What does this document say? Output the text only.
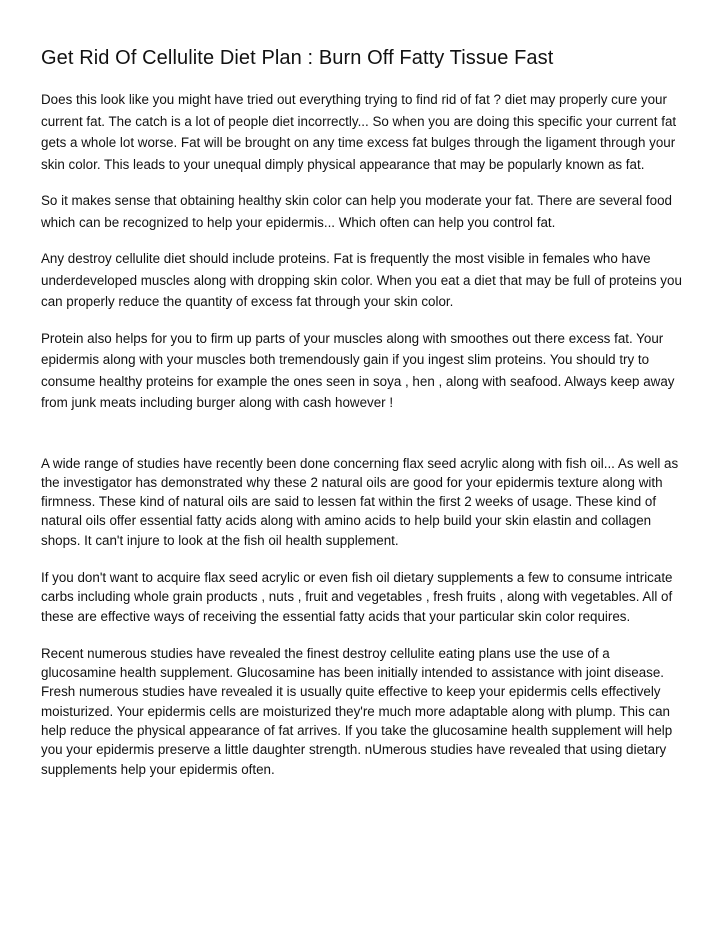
Get Rid Of Cellulite Diet Plan : Burn Off Fatty Tissue Fast

Does this look like you might have tried out everything trying to find rid of fat ? diet may properly cure your current fat. The catch is a lot of people diet incorrectly... So when you are doing this specific your current fat gets a whole lot worse. Fat will be brought on any time excess fat bulges through the ligament through your skin color. This leads to your unequal dimply physical appearance that may be popularly known as fat.

So it makes sense that obtaining healthy skin color can help you moderate your fat. There are several food which can be recognized to help your epidermis... Which often can help you control fat.

Any destroy cellulite diet should include proteins. Fat is frequently the most visible in females who have underdeveloped muscles along with dropping skin color. When you eat a diet that may be full of proteins you can properly reduce the quantity of excess fat through your skin color.

Protein also helps for you to firm up parts of your muscles along with smoothes out there excess fat. Your epidermis along with your muscles both tremendously gain if you ingest slim proteins. You should try to consume healthy proteins for example the ones seen in soya , hen , along with seafood. Always keep away from junk meats including burger along with cash however !

A wide range of studies have recently been done concerning flax seed acrylic along with fish oil... As well as the investigator has demonstrated why these 2 natural oils are good for your epidermis texture along with firmness. These kind of natural oils are said to lessen fat within the first 2 weeks of usage. These kind of natural oils offer essential fatty acids along with amino acids to help build your skin elastin and collagen shops. It can't injure to look at the fish oil health supplement.

If you don't want to acquire flax seed acrylic or even fish oil dietary supplements a few to consume intricate carbs including whole grain products , nuts , fruit and vegetables , fresh fruits , along with vegetables. All of these are effective ways of receiving the essential fatty acids that your particular skin color requires.

Recent numerous studies have revealed the finest destroy cellulite eating plans use the use of a glucosamine health supplement. Glucosamine has been initially intended to assistance with joint disease. Fresh numerous studies have revealed it is usually quite effective to keep your epidermis cells effectively moisturized. Your epidermis cells are moisturized they're much more adaptable along with plump. This can help reduce the physical appearance of fat arrives. If you take the glucosamine health supplement will help you your epidermis preserve a little daughter strength. nUmerous studies have revealed that using dietary supplements help your epidermis often.
